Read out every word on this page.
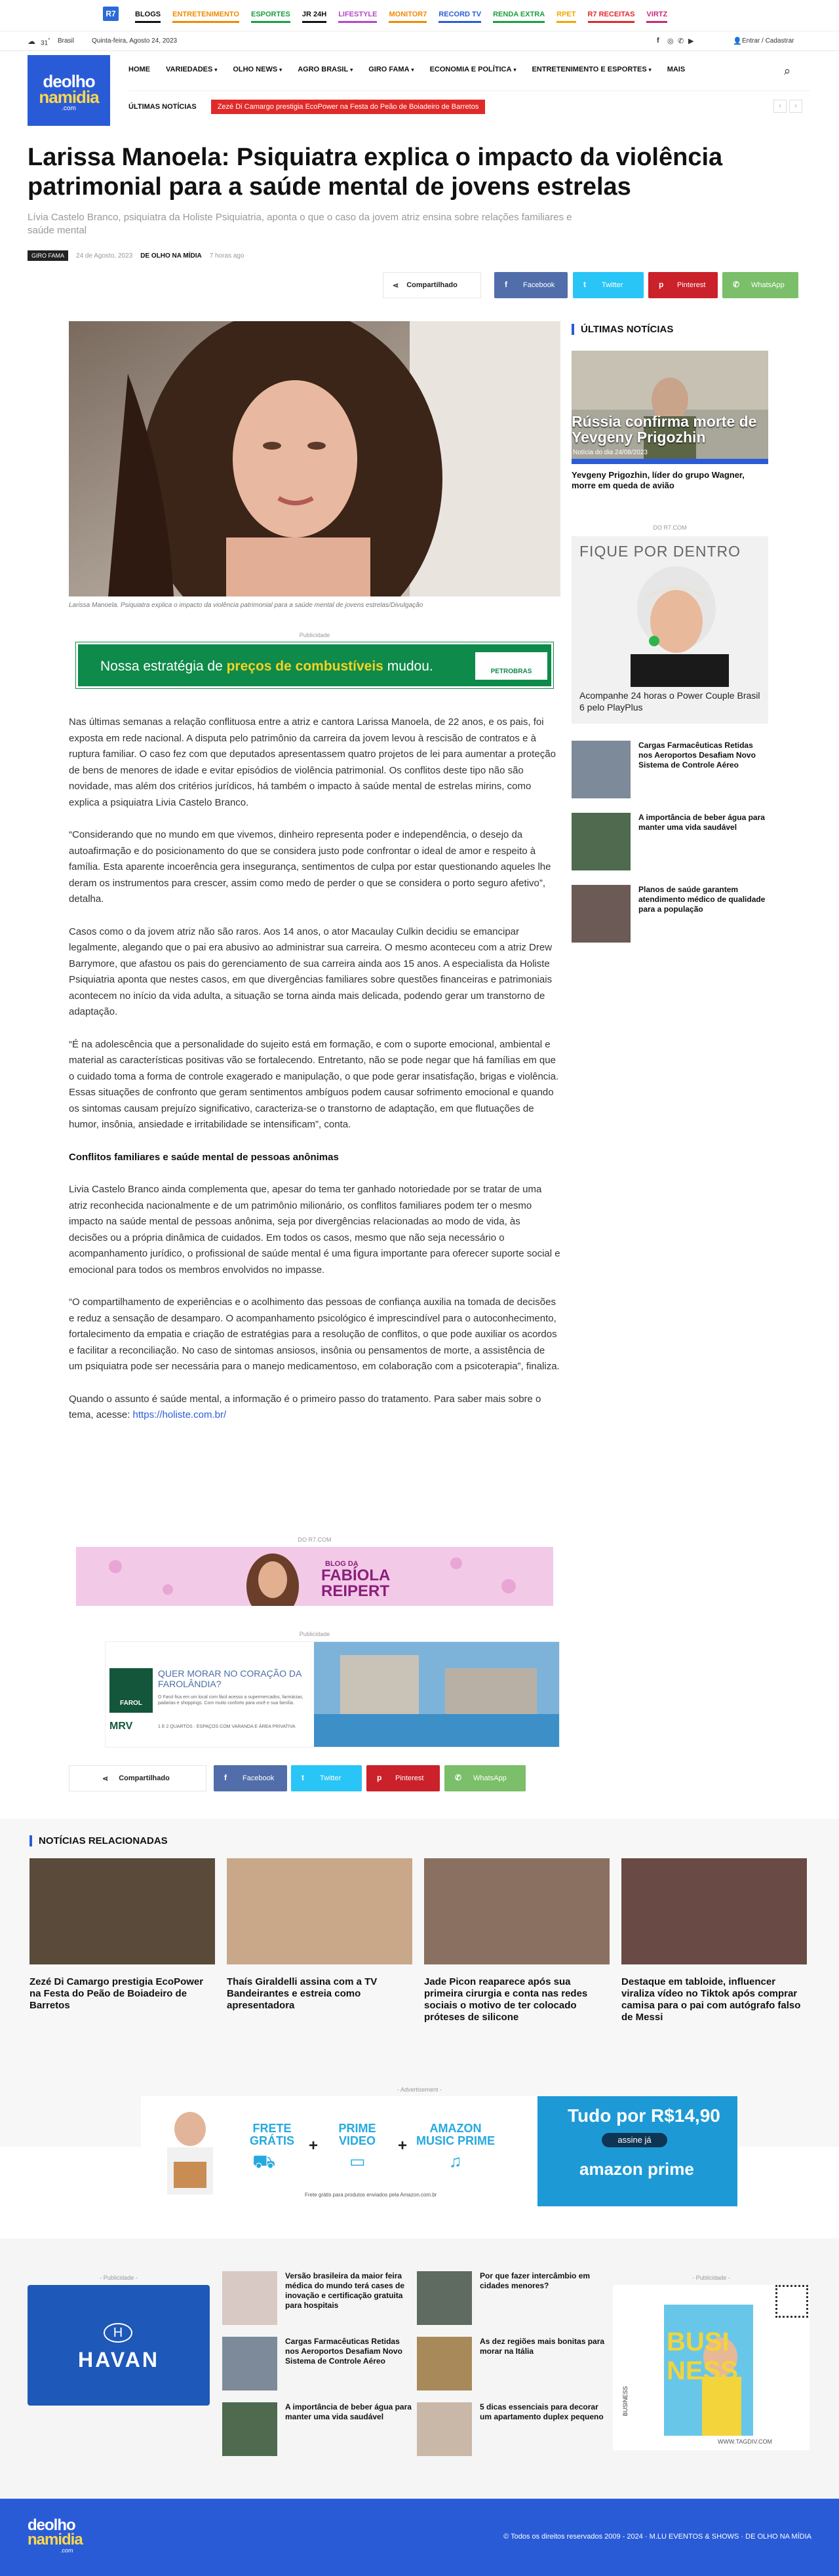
R7	BLOGS ENTRETENIMENTO ESPORTES JR 24H LIFESTYLE MONITOR7 RECORD TV RENDA EXTRA RPET R7 RECEITAS VIRTZ
☁ 31° Brasil	Quinta-feira, Agosto 24, 2023	f ◎ ✆ ▶	👤 Entrar / Cadastrar
deolho
namidia
.com
HOME VARIEDADES ▾ OLHO NEWS ▾ AGRO BRASIL ▾ GIRO FAMA ▾ ECONOMIA E POLÍTICA ▾ ENTRETENIMENTO E ESPORTES ▾ MAIS	⌕
ÚLTIMAS NOTÍCIAS	Zezé Di Camargo prestigia EcoPower na Festa do Peão de Boiadeiro de Barretos	‹	›
Larissa Manoela: Psiquiatra explica o impacto da violência patrimonial para a saúde mental de jovens estrelas
Lívia Castelo Branco, psiquiatra da Holiste Psiquiatria, aponta o que o caso da jovem atriz ensina sobre relações familiares e saúde mental
GIRO FAMA	24 de Agosto, 2023 DE OLHO NA MÍDIA 7 horas ago
⋖ Compartilhado	f Facebook	t Twitter	p Pinterest	✆ WhatsApp
Larissa Manoela. Psiquiatra explica o impacto da violência patrimonial para a saúde mental de jovens estrelas/Divulgação
Publicidade
Nossa estratégia de preços de combustíveis mudou.	PETROBRAS

Nas últimas semanas a relação conflituosa entre a atriz e cantora Larissa Manoela, de 22 anos, e os pais, foi exposta em rede nacional. A disputa pelo patrimônio da carreira da jovem levou à rescisão de contratos e à ruptura familiar. O caso fez com que deputados apresentassem quatro projetos de lei para aumentar a proteção de bens de menores de idade e evitar episódios de violência patrimonial. Os conflitos deste tipo não são novidade, mas além dos critérios jurídicos, há também o impacto à saúde mental de estrelas mirins, como explica a psiquiatra Livia Castelo Branco.

“Considerando que no mundo em que vivemos, dinheiro representa poder e independência, o desejo da autoafirmação e do posicionamento do que se considera justo pode confrontar o ideal de amor e respeito à família. Esta aparente incoerência gera insegurança, sentimentos de culpa por estar questionando aqueles lhe deram os instrumentos para crescer, assim como medo de perder o que se considera o porto seguro afetivo”, detalha.

Casos como o da jovem atriz não são raros. Aos 14 anos, o ator Macaulay Culkin decidiu se emancipar legalmente, alegando que o pai era abusivo ao administrar sua carreira. O mesmo aconteceu com a atriz Drew Barrymore, que afastou os pais do gerenciamento de sua carreira ainda aos 15 anos. A especialista da Holiste Psiquiatria aponta que nestes casos, em que divergências familiares sobre questões financeiras e patrimoniais acontecem no início da vida adulta, a situação se torna ainda mais delicada, podendo gerar um transtorno de adaptação.

“É na adolescência que a personalidade do sujeito está em formação, e com o suporte emocional, ambiental e material as características positivas vão se fortalecendo. Entretanto, não se pode negar que há famílias em que o cuidado toma a forma de controle exagerado e manipulação, o que pode gerar insatisfação, brigas e violência. Essas situações de confronto que geram sentimentos ambíguos podem causar sofrimento emocional e quando os sintomas causam prejuízo significativo, caracteriza-se o transtorno de adaptação, em que flutuações de humor, insônia, ansiedade e irritabilidade se intensificam”, conta.

Conflitos familiares e saúde mental de pessoas anônimas

Livia Castelo Branco ainda complementa que, apesar do tema ter ganhado notoriedade por se tratar de uma atriz reconhecida nacionalmente e de um patrimônio milionário, os conflitos familiares podem ter o mesmo impacto na saúde mental de pessoas anônima, seja por divergências relacionadas ao modo de vida, às decisões ou a própria dinâmica de cuidados. Em todos os casos, mesmo que não seja necessário o acompanhamento jurídico, o profissional de saúde mental é uma figura importante para oferecer suporte social e emocional para todos os membros envolvidos no impasse.

“O compartilhamento de experiências e o acolhimento das pessoas de confiança auxilia na tomada de decisões e reduz a sensação de desamparo. O acompanhamento psicológico é imprescindível para o autoconhecimento, fortalecimento da empatia e criação de estratégias para a resolução de conflitos, o que pode auxiliar os acordos e facilitar a reconciliação. No caso de sintomas ansiosos, insônia ou pensamentos de morte, a assistência de um psiquiatra pode ser necessária para o manejo medicamentoso, em colaboração com a psicoterapia”, finaliza.

Quando o assunto é saúde mental, a informação é o primeiro passo do tratamento. Para saber mais sobre o tema, acesse: https://holiste.com.br/

DO R7.COM
BLOG DA
FABÍOLA
REIPERT
Publicidade
FAROL
QUER MORAR NO CORAÇÃO DA FAROLÂNDIA?
O Farol fica em um local com fácil acesso a supermercados, farmácias, padarias e shoppings. Com muito conforto para você e sua família.
MRV	1 E 2 QUARTOS · ESPAÇOS COM VARANDA E ÁREA PRIVATIVA
⋖ Compartilhado	f Facebook	t Twitter	p Pinterest	✆ WhatsApp
ÚLTIMAS NOTÍCIAS
Rússia confirma morte de Yevgeny Prigozhin
Notícia do dia 24/08/2023
Yevgeny Prigozhin, líder do grupo Wagner, morre em queda de avião
DO R7.COM
FIQUE POR DENTRO
Acompanhe 24 horas o Power Couple Brasil 6 pelo PlayPlus
Cargas Farmacêuticas Retidas nos Aeroportos Desafiam Novo Sistema de Controle Aéreo
A importância de beber água para manter uma vida saudável
Planos de saúde garantem atendimento médico de qualidade para a população
NOTÍCIAS RELACIONADAS
Zezé Di Camargo prestigia EcoPower na Festa do Peão de Boiadeiro de Barretos
Thaís Giraldelli assina com a TV Bandeirantes e estreia como apresentadora
Jade Picon reaparece após sua primeira cirurgia e conta nas redes sociais o motivo de ter colocado próteses de silicone
Destaque em tabloide, influencer viraliza vídeo no Tiktok após comprar camisa para o pai com autógrafo falso de Messi
- Advertisement -
FRETE GRÁTIS
⛟
+
PRIME VIDEO
▭
+
AMAZON MUSIC PRIME
♫
Frete grátis para produtos enviados pela Amazon.com.br
Tudo por R$14,90
assine já
amazon prime
- Publicidade -
H
HAVAN
Versão brasileira da maior feira médica do mundo terá cases de inovação e certificação gratuita para hospitais
Cargas Farmacêuticas Retidas nos Aeroportos Desafiam Novo Sistema de Controle Aéreo
A importância de beber água para manter uma vida saudável
Por que fazer intercâmbio em cidades menores?
As dez regiões mais bonitas para morar na Itália
5 dicas essenciais para decorar um apartamento duplex pequeno
- Publicidade -
BUSI
NESS
BUSINESS
WWW.TAGDIV.COM
deolho
namidia
.com
© Todos os direitos reservados 2009 - 2024 · M.LU EVENTOS & SHOWS · DE OLHO NA MÍDIA
